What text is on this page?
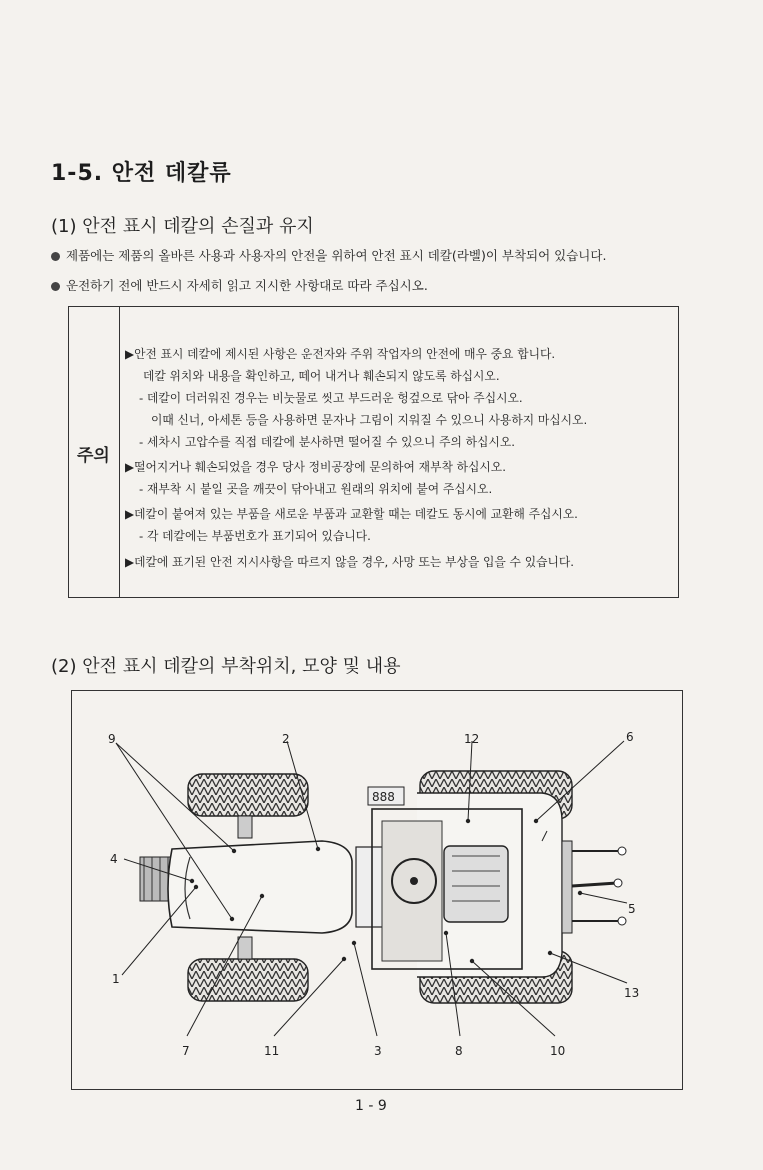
1-5. 안전 데칼류
(1) 안전 표시 데칼의 손질과 유지
제품에는 제품의 올바른 사용과 사용자의 안전을 위하여 안전 표시 데칼(라벨)이 부착되어 있습니다.
운전하기 전에 반드시 자세히 읽고 지시한 사항대로 따라 주십시오.
주의
▶안전 표시 데칼에 제시된 사항은 운전자와 주위 작업자의 안전에 매우 중요 합니다.
데칼 위치와 내용을 확인하고, 떼어 내거나 훼손되지 않도록 하십시오.
- 데칼이 더러워진 경우는 비눗물로 씻고 부드러운 헝겊으로 닦아 주십시오.
이때 신너, 아세톤 등을 사용하면 문자나 그림이 지워질 수 있으니 사용하지 마십시오.
- 세차시 고압수를 직접 데칼에 분사하면 떨어질 수 있으니 주의 하십시오.
▶떨어지거나 훼손되었을 경우 당사 정비공장에 문의하여 재부착 하십시오.
- 재부착 시 붙일 곳을 깨끗이 닦아내고 원래의 위치에 붙여 주십시오.
▶데칼이 붙여져 있는 부품을 새로운 부품과 교환할 때는 데칼도 동시에 교환해 주십시오.
- 각 데칼에는 부품번호가 표기되어 있습니다.
▶데칼에 표기된 안전 지시사항을 따르지 않을 경우, 사망 또는 부상을 입을 수 있습니다.
(2) 안전 표시 데칼의 부착위치, 모양 및 내용
888
9	2	12	6
4
5
13
1
7	11	3	8	10
1 - 9
